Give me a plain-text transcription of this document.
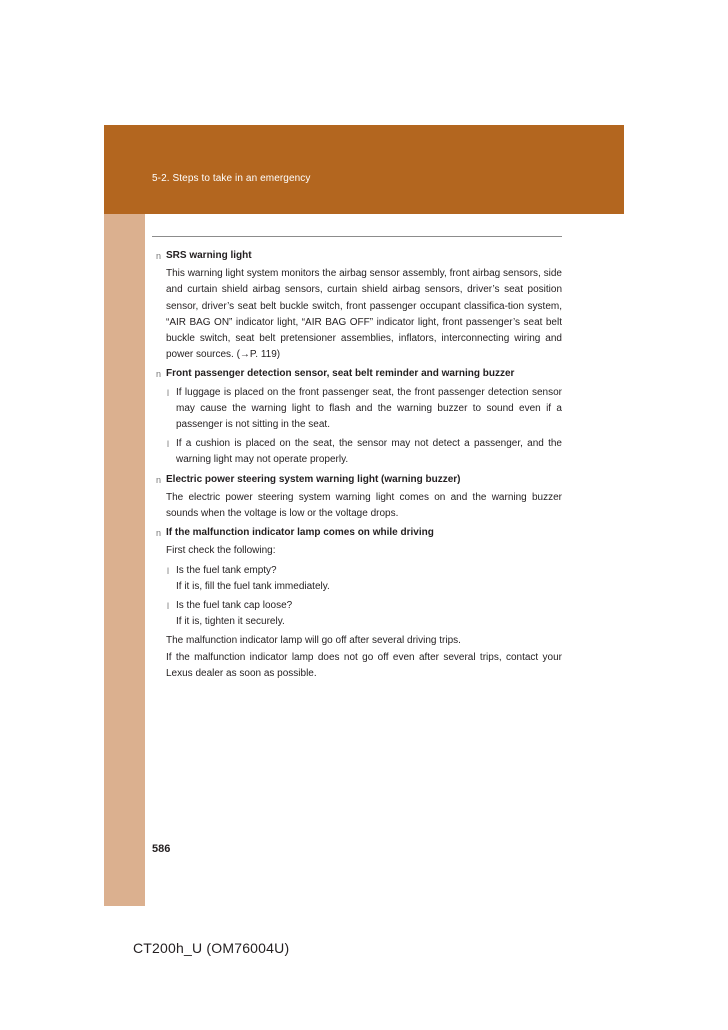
5-2. Steps to take in an emergency
n SRS warning light

This warning light system monitors the airbag sensor assembly, front airbag sensors, side and curtain shield airbag sensors, curtain shield airbag sensors, driver’s seat position sensor, driver’s seat belt buckle switch, front passenger occupant classifica-tion system, “AIR BAG ON” indicator light, “AIR BAG OFF” indicator light, front passenger’s seat belt buckle switch, seat belt pretensioner assemblies, inflators, interconnecting wiring and power sources. (→P. 119)

n Front passenger detection sensor, seat belt reminder and warning buzzer
l If luggage is placed on the front passenger seat, the front passenger detection sensor may cause the warning light to flash and the warning buzzer to sound even if a passenger is not sitting in the seat.
l If a cushion is placed on the seat, the sensor may not detect a passenger, and the warning light may not operate properly.
n Electric power steering system warning light (warning buzzer)

The electric power steering system warning light comes on and the warning buzzer sounds when the voltage is low or the voltage drops.

n If the malfunction indicator lamp comes on while driving

First check the following:

l Is the fuel tank empty?
If it is, fill the fuel tank immediately.
l Is the fuel tank cap loose?
If it is, tighten it securely.

The malfunction indicator lamp will go off after several driving trips.

If the malfunction indicator lamp does not go off even after several trips, contact your Lexus dealer as soon as possible.

586
CT200h_U (OM76004U)
